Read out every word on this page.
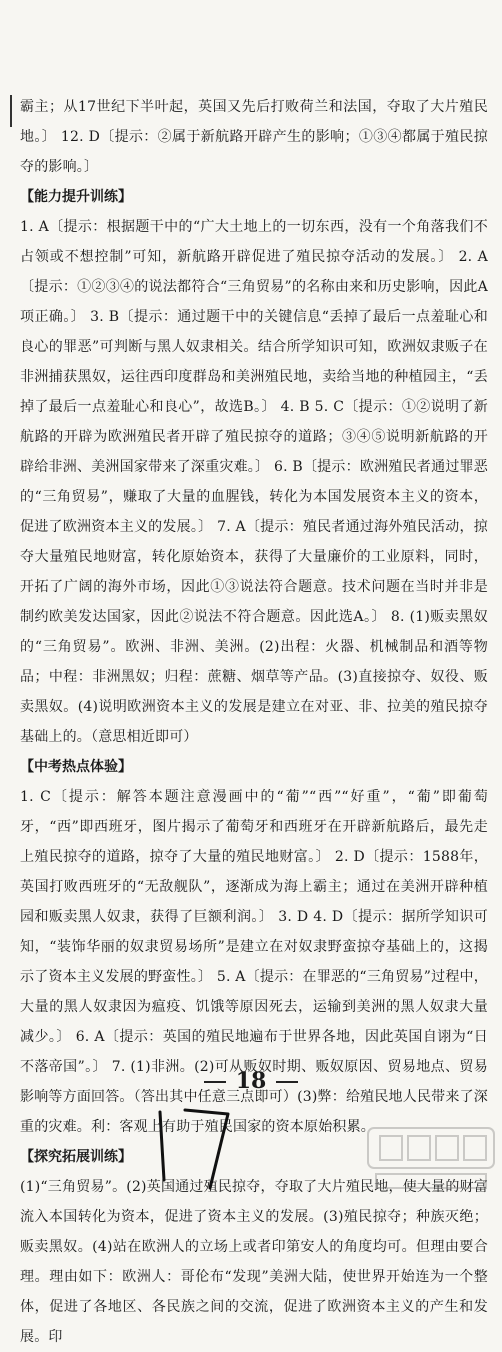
霸主；从17世纪下半叶起，英国又先后打败荷兰和法国，夺取了大片殖民地。〕 12. D〔提示：②属于新航路开辟产生的影响；①③④都属于殖民掠夺的影响。〕

【能力提升训练】

1. A〔提示：根据题干中的“广大土地上的一切东西，没有一个角落我们不占领或不想控制”可知，新航路开辟促进了殖民掠夺活动的发展。〕 2. A〔提示：①②③④的说法都符合“三角贸易”的名称由来和历史影响，因此A项正确。〕 3. B〔提示：通过题干中的关键信息“丢掉了最后一点羞耻心和良心的罪恶”可判断与黑人奴隶相关。结合所学知识可知，欧洲奴隶贩子在非洲捕获黑奴，运往西印度群岛和美洲殖民地，卖给当地的种植园主，“丢掉了最后一点羞耻心和良心”，故选B。〕 4. B 5. C〔提示：①②说明了新航路的开辟为欧洲殖民者开辟了殖民掠夺的道路；③④⑤说明新航路的开辟给非洲、美洲国家带来了深重灾难。〕 6. B〔提示：欧洲殖民者通过罪恶的“三角贸易”，赚取了大量的血腥钱，转化为本国发展资本主义的资本，促进了欧洲资本主义的发展。〕 7. A〔提示：殖民者通过海外殖民活动，掠夺大量殖民地财富，转化原始资本，获得了大量廉价的工业原料，同时，开拓了广阔的海外市场，因此①③说法符合题意。技术问题在当时并非是制约欧美发达国家，因此②说法不符合题意。因此选A。〕 8. (1)贩卖黑奴的“三角贸易”。欧洲、非洲、美洲。(2)出程：火器、机械制品和酒等物品；中程：非洲黑奴；归程：蔗糖、烟草等产品。(3)直接掠夺、奴役、贩卖黑奴。(4)说明欧洲资本主义的发展是建立在对亚、非、拉美的殖民掠夺基础上的。（意思相近即可）

【中考热点体验】

1. C〔提示：解答本题注意漫画中的“葡”“西”“好重”，“葡”即葡萄牙，“西”即西班牙，图片揭示了葡萄牙和西班牙在开辟新航路后，最先走上殖民掠夺的道路，掠夺了大量的殖民地财富。〕 2. D〔提示：1588年，英国打败西班牙的“无敌舰队”，逐渐成为海上霸主；通过在美洲开辟种植园和贩卖黑人奴隶，获得了巨额利润。〕 3. D 4. D〔提示：据所学知识可知，“装饰华丽的奴隶贸易场所”是建立在对奴隶野蛮掠夺基础上的，这揭示了资本主义发展的野蛮性。〕 5. A〔提示：在罪恶的“三角贸易”过程中，大量的黑人奴隶因为瘟疫、饥饿等原因死去，运输到美洲的黑人奴隶大量减少。〕 6. A〔提示：英国的殖民地遍布于世界各地，因此英国自诩为“日不落帝国”。〕 7. (1)非洲。(2)可从贩奴时期、贩奴原因、贸易地点、贸易影响等方面回答。（答出其中任意三点即可）(3)弊：给殖民地人民带来了深重的灾难。利：客观上有助于殖民国家的资本原始积累。

【探究拓展训练】

(1)“三角贸易”。(2)英国通过殖民掠夺，夺取了大片殖民地，使大量的财富流入本国转化为资本，促进了资本主义的发展。(3)殖民掠夺；种族灭绝；贩卖黑奴。(4)站在欧洲人的立场上或者印第安人的角度均可。但理由要合理。理由如下：欧洲人：哥伦布“发现”美洲大陆，使世界开始连为一个整体，促进了各地区、各民族之间的交流，促进了欧洲资本主义的产生和发展。印

18
